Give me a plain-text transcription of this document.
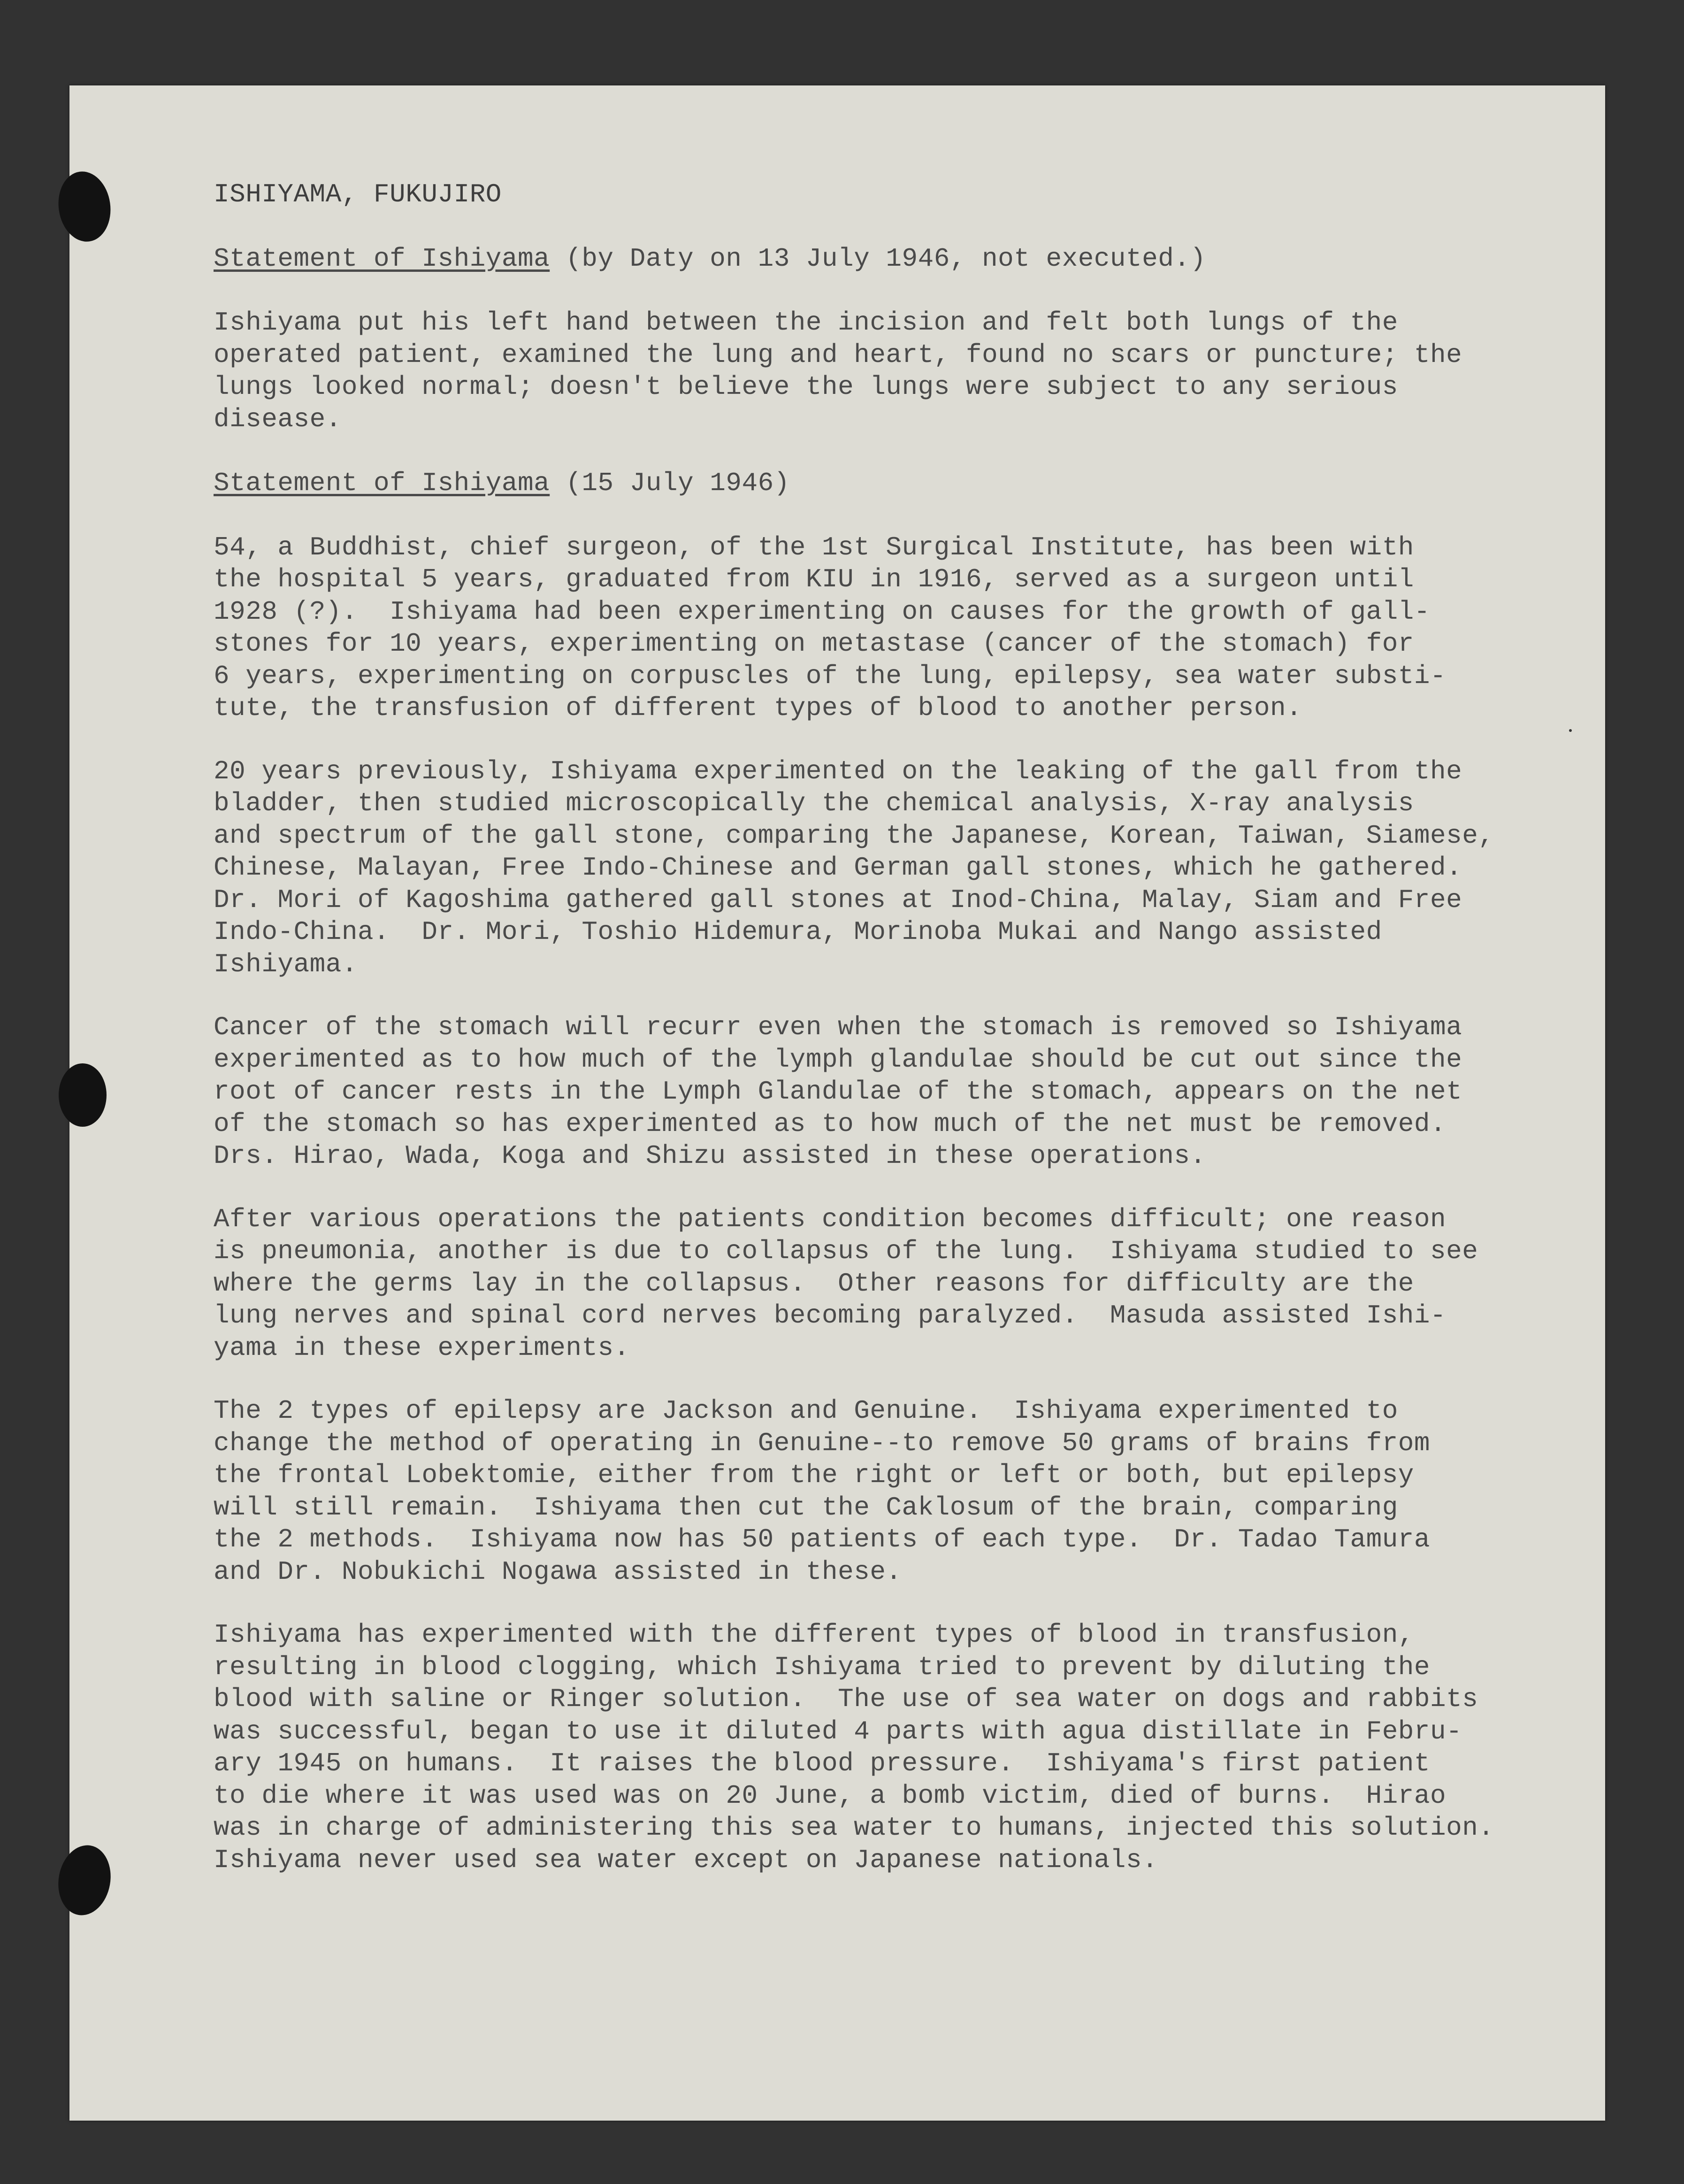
ISHIYAMA, FUKUJIRO
Statement of Ishiyama (by Daty on 13 July 1946, not executed.)
Ishiyama put his left hand between the incision and felt both lungs of the
operated patient, examined the lung and heart, found no scars or puncture; the
lungs looked normal; doesn't believe the lungs were subject to any serious
disease.
Statement of Ishiyama (15 July 1946)
54, a Buddhist, chief surgeon, of the 1st Surgical Institute, has been with
the hospital 5 years, graduated from KIU in 1916, served as a surgeon until
1928 (?).  Ishiyama had been experimenting on causes for the growth of gall-
stones for 10 years, experimenting on metastase (cancer of the stomach) for
6 years, experimenting on corpuscles of the lung, epilepsy, sea water substi-
tute, the transfusion of different types of blood to another person.
20 years previously, Ishiyama experimented on the leaking of the gall from the
bladder, then studied microscopically the chemical analysis, X-ray analysis
and spectrum of the gall stone, comparing the Japanese, Korean, Taiwan, Siamese,
Chinese, Malayan, Free Indo-Chinese and German gall stones, which he gathered.
Dr. Mori of Kagoshima gathered gall stones at Inod-China, Malay, Siam and Free
Indo-China.  Dr. Mori, Toshio Hidemura, Morinoba Mukai and Nango assisted
Ishiyama.
Cancer of the stomach will recurr even when the stomach is removed so Ishiyama
experimented as to how much of the lymph glandulae should be cut out since the
root of cancer rests in the Lymph Glandulae of the stomach, appears on the net
of the stomach so has experimented as to how much of the net must be removed.
Drs. Hirao, Wada, Koga and Shizu assisted in these operations.
After various operations the patients condition becomes difficult; one reason
is pneumonia, another is due to collapsus of the lung.  Ishiyama studied to see
where the germs lay in the collapsus.  Other reasons for difficulty are the
lung nerves and spinal cord nerves becoming paralyzed.  Masuda assisted Ishi-
yama in these experiments.
The 2 types of epilepsy are Jackson and Genuine.  Ishiyama experimented to
change the method of operating in Genuine--to remove 50 grams of brains from
the frontal Lobektomie, either from the right or left or both, but epilepsy
will still remain.  Ishiyama then cut the Caklosum of the brain, comparing
the 2 methods.  Ishiyama now has 50 patients of each type.  Dr. Tadao Tamura
and Dr. Nobukichi Nogawa assisted in these.
Ishiyama has experimented with the different types of blood in transfusion,
resulting in blood clogging, which Ishiyama tried to prevent by diluting the
blood with saline or Ringer solution.  The use of sea water on dogs and rabbits
was successful, began to use it diluted 4 parts with agua distillate in Febru-
ary 1945 on humans.  It raises the blood pressure.  Ishiyama's first patient
to die where it was used was on 20 June, a bomb victim, died of burns.  Hirao
was in charge of administering this sea water to humans, injected this solution.
Ishiyama never used sea water except on Japanese nationals.
